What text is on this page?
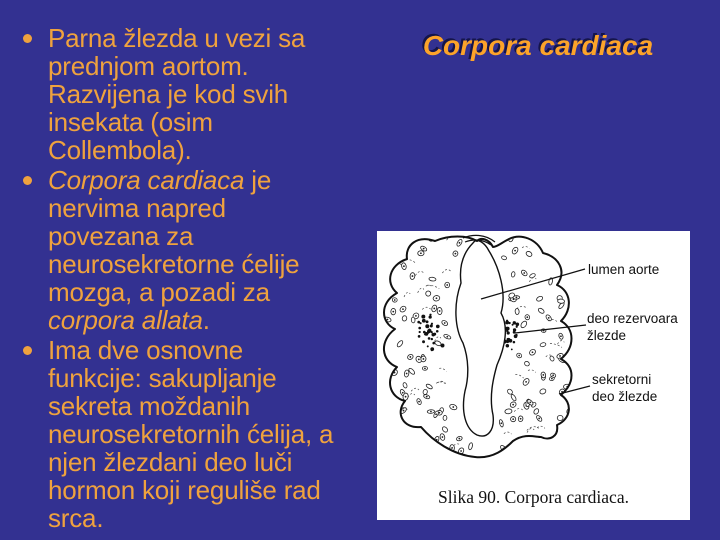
Parna žlezda u vezi sa prednjom aortom. Razvijena je kod svih insekata (osim Collembola).
Corpora cardiaca je nervima napred povezana za neurosekretorne ćelije mozga, a pozadi za corpora allata.
Ima dve osnovne funkcije: sakupljanje sekreta moždanih neurosekretornih ćelija, a njen žlezdani deo luči hormon koji reguliše rad srca.
Corpora cardiaca
lumen aorte
deo rezervoara
žlezde
sekretorni
deo žlezde
Slika 90. Corpora cardiaca.
